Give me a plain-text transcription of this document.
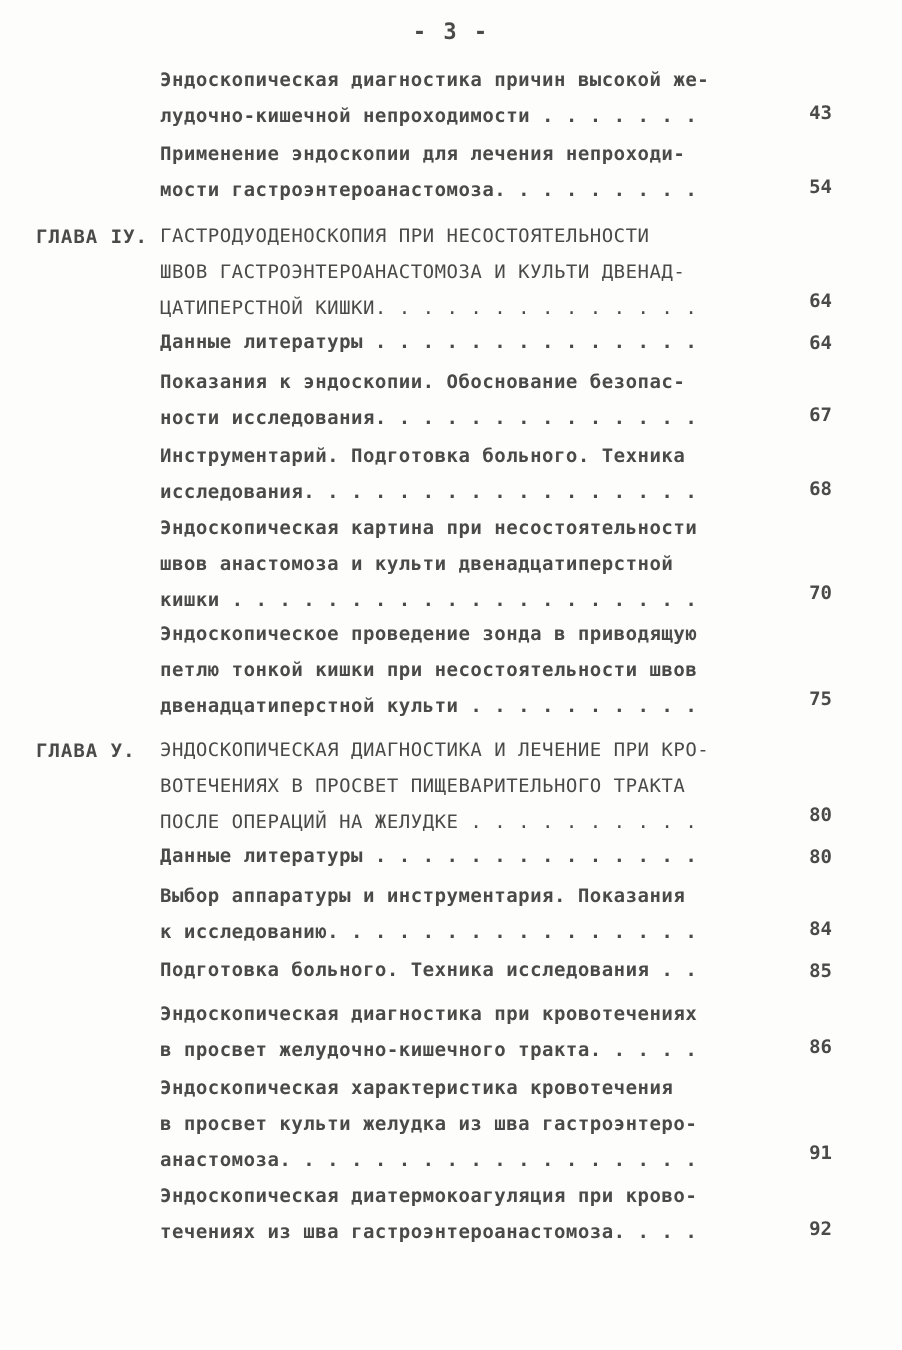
- 3 -
Эндоскопическая диагностика причин высокой же-
лудочно-кишечной непроходимости . . . . . . .	43
Применение эндоскопии для лечения непроходи-
мости гастроэнтероанастомоза. . . . . . . . .	54
ГЛАВА IУ. ГАСТРОДУОДЕНОСКОПИЯ ПРИ НЕСОСТОЯТЕЛЬНОСТИ
ШВОВ ГАСТРОЭНТЕРОАНАСТОМОЗА И КУЛЬТИ ДВЕНАД-
ЦАТИПЕРСТНОЙ КИШКИ. . . . . . . . . . . . . .	64
Данные литературы . . . . . . . . . . . . . .	64
Показания к эндоскопии. Обоснование безопас-
ности исследования. . . . . . . . . . . . . .	67
Инструментарий. Подготовка больного. Техника
исследования. . . . . . . . . . . . . . . . .	68
Эндоскопическая картина при несостоятельности
швов анастомоза и культи двенадцатиперстной
кишки . . . . . . . . . . . . . . . . . . . .	70
Эндоскопическое проведение зонда в приводящую
петлю тонкой кишки при несостоятельности швов
двенадцатиперстной культи . . . . . . . . . .	75
ГЛАВА У. ЭНДОСКОПИЧЕСКАЯ ДИАГНОСТИКА И ЛЕЧЕНИЕ ПРИ КРО-
ВОТЕЧЕНИЯХ В ПРОСВЕТ ПИЩЕВАРИТЕЛЬНОГО ТРАКТА
ПОСЛЕ ОПЕРАЦИЙ НА ЖЕЛУДКЕ . . . . . . . . . .	80
Данные литературы . . . . . . . . . . . . . .	80
Выбор аппаратуры и инструментария. Показания
к исследованию. . . . . . . . . . . . . . . .	84
Подготовка больного. Техника исследования . .	85
Эндоскопическая диагностика при кровотечениях
в просвет желудочно-кишечного тракта. . . . .	86
Эндоскопическая характеристика кровотечения
в просвет культи желудка из шва гастроэнтеро-
анастомоза. . . . . . . . . . . . . . . . . .	91
Эндоскопическая диатермокоагуляция при крово-
течениях из шва гастроэнтероанастомоза. . . .	92
